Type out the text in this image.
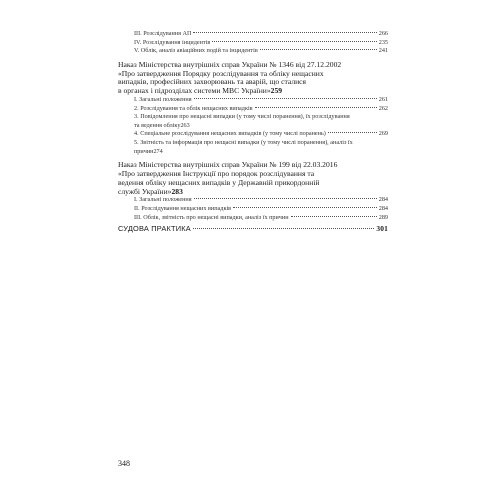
III. Розслідування АП	266
IV. Розслідування інцидентів	235
V. Облік, аналіз авіаційних подій та інцидентів	241
Наказ Міністерства внутрішніх справ України № 1346 від 27.12.2002
«Про затвердження Порядку розслідування та обліку нещасних
випадків, професійних захворювань та аварій, що сталися
в органах і підрозділах системи МВС України» 259
I. Загальні положення	261
2. Розслідування та облік нещасних випадків	262
3. Повідомлення про нещасні випадки (у тому числі поранення), їх розслідування
та ведення обліку 263
4. Спеціальне розслідування нещасних випадків (у тому числі поранень)	269
5. Звітність та інформація про нещасні випадки (у тому числі поранення), аналіз їх
причин 274
Наказ Міністерства внутрішніх справ України № 199 від 22.03.2016
«Про затвердження Інструкції про порядок розслідування та
ведення обліку нещасних випадків у Державній прикордонній
службі України» 283
I. Загальні положення	284
II. Розслідування нещасних випадків	284
III. Облік, звітність про нещасні випадки, аналіз їх причин	289
СУДОВА ПРАКТИКА	301
348
